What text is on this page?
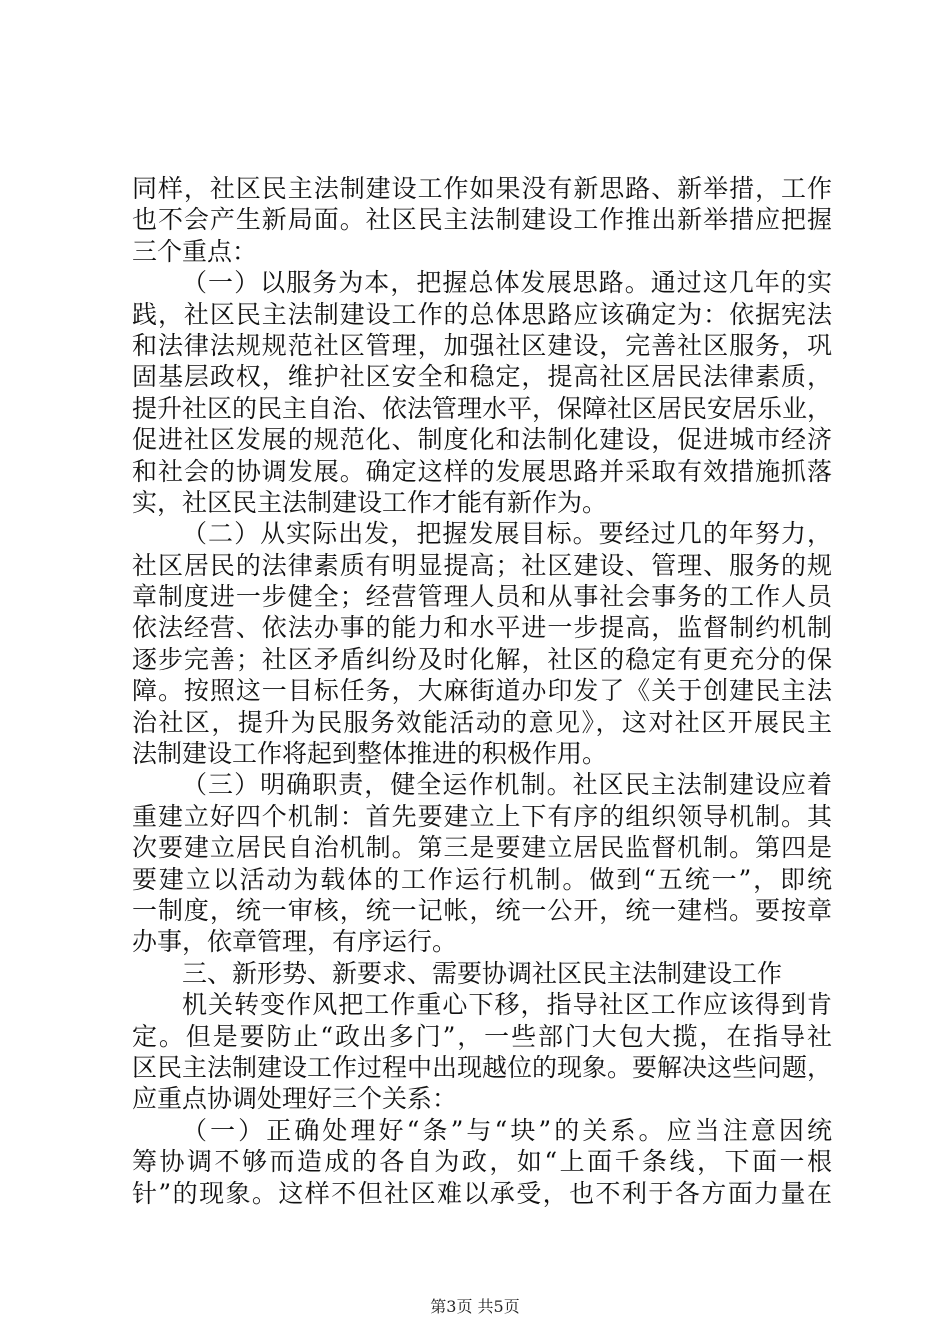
同样，社区民主法制建设工作如果没有新思路、新举措，工作
也不会产生新局面。社区民主法制建设工作推出新举措应把握
三个重点：
（一）以服务为本，把握总体发展思路。通过这几年的实
践，社区民主法制建设工作的总体思路应该确定为：依据宪法
和法律法规规范社区管理，加强社区建设，完善社区服务，巩
固基层政权，维护社区安全和稳定，提高社区居民法律素质，
提升社区的民主自治、依法管理水平，保障社区居民安居乐业，
促进社区发展的规范化、制度化和法制化建设，促进城市经济
和社会的协调发展。确定这样的发展思路并采取有效措施抓落
实，社区民主法制建设工作才能有新作为。
（二）从实际出发，把握发展目标。要经过几的年努力，
社区居民的法律素质有明显提高；社区建设、管理、服务的规
章制度进一步健全；经营管理人员和从事社会事务的工作人员
依法经营、依法办事的能力和水平进一步提高，监督制约机制
逐步完善；社区矛盾纠纷及时化解，社区的稳定有更充分的保
障。按照这一目标任务，大麻街道办印发了《关于创建民主法
治社区，提升为民服务效能活动的意见》，这对社区开展民主
法制建设工作将起到整体推进的积极作用。
（三）明确职责，健全运作机制。社区民主法制建设应着
重建立好四个机制：首先要建立上下有序的组织领导机制。其
次要建立居民自治机制。第三是要建立居民监督机制。第四是
要建立以活动为载体的工作运行机制。做到“五统一”，即统
一制度，统一审核，统一记帐，统一公开，统一建档。要按章
办事，依章管理，有序运行。
三、新形势、新要求、需要协调社区民主法制建设工作
机关转变作风把工作重心下移，指导社区工作应该得到肯
定。但是要防止“政出多门”，一些部门大包大揽，在指导社
区民主法制建设工作过程中出现越位的现象。要解决这些问题，
应重点协调处理好三个关系：
（一）正确处理好“条”与“块”的关系。应当注意因统
筹协调不够而造成的各自为政，如“上面千条线，下面一根
针”的现象。这样不但社区难以承受，也不利于各方面力量在
第3页 共5页
